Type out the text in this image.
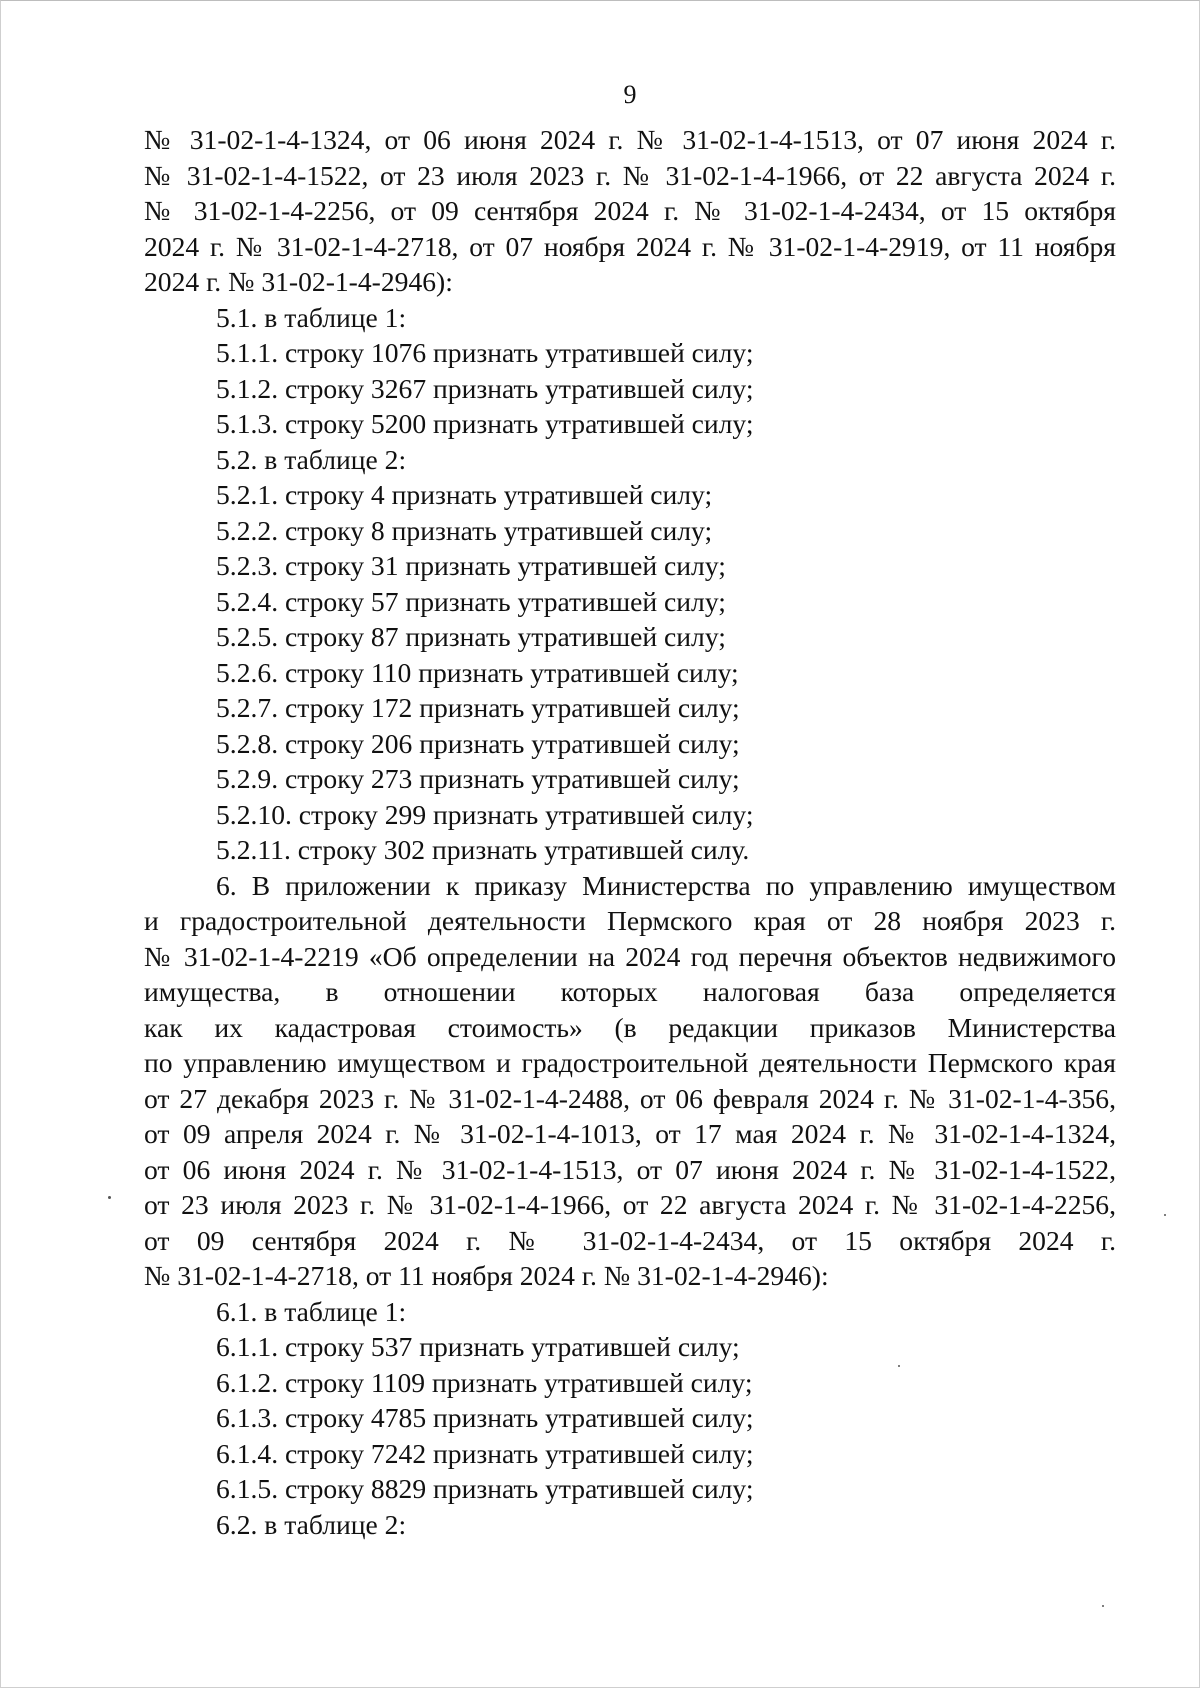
9
№ 31-02-1-4-1324, от 06 июня 2024 г. № 31-02-1-4-1513, от 07 июня 2024 г.
№ 31-02-1-4-1522, от 23 июля 2023 г. № 31-02-1-4-1966, от 22 августа 2024 г.
№ 31-02-1-4-2256, от 09 сентября 2024 г. № 31-02-1-4-2434, от 15 октября
2024 г. № 31-02-1-4-2718, от 07 ноября 2024 г. № 31-02-1-4-2919, от 11 ноября
2024 г. № 31-02-1-4-2946):
5.1. в таблице 1:
5.1.1. строку 1076 признать утратившей силу;
5.1.2. строку 3267 признать утратившей силу;
5.1.3. строку 5200 признать утратившей силу;
5.2. в таблице 2:
5.2.1. строку 4 признать утратившей силу;
5.2.2. строку 8 признать утратившей силу;
5.2.3. строку 31 признать утратившей силу;
5.2.4. строку 57 признать утратившей силу;
5.2.5. строку 87 признать утратившей силу;
5.2.6. строку 110 признать утратившей силу;
5.2.7. строку 172 признать утратившей силу;
5.2.8. строку 206 признать утратившей силу;
5.2.9. строку 273 признать утратившей силу;
5.2.10. строку 299 признать утратившей силу;
5.2.11. строку 302 признать утратившей силу.
6. В приложении к приказу Министерства по управлению имуществом
и градостроительной деятельности Пермского края от 28 ноября 2023 г.
№ 31-02-1-4-2219 «Об определении на 2024 год перечня объектов недвижимого
имущества, в отношении которых налоговая база определяется
как их кадастровая стоимость» (в редакции приказов Министерства
по управлению имуществом и градостроительной деятельности Пермского края
от 27 декабря 2023 г. № 31-02-1-4-2488, от 06 февраля 2024 г. № 31-02-1-4-356,
от 09 апреля 2024 г. № 31-02-1-4-1013, от 17 мая 2024 г. № 31-02-1-4-1324,
от 06 июня 2024 г. № 31-02-1-4-1513, от 07 июня 2024 г. № 31-02-1-4-1522,
от 23 июля 2023 г. № 31-02-1-4-1966, от 22 августа 2024 г. № 31-02-1-4-2256,
от 09 сентября 2024 г. № 31-02-1-4-2434, от 15 октября 2024 г.
№ 31-02-1-4-2718, от 11 ноября 2024 г. № 31-02-1-4-2946):
6.1. в таблице 1:
6.1.1. строку 537 признать утратившей силу;
6.1.2. строку 1109 признать утратившей силу;
6.1.3. строку 4785 признать утратившей силу;
6.1.4. строку 7242 признать утратившей силу;
6.1.5. строку 8829 признать утратившей силу;
6.2. в таблице 2:
